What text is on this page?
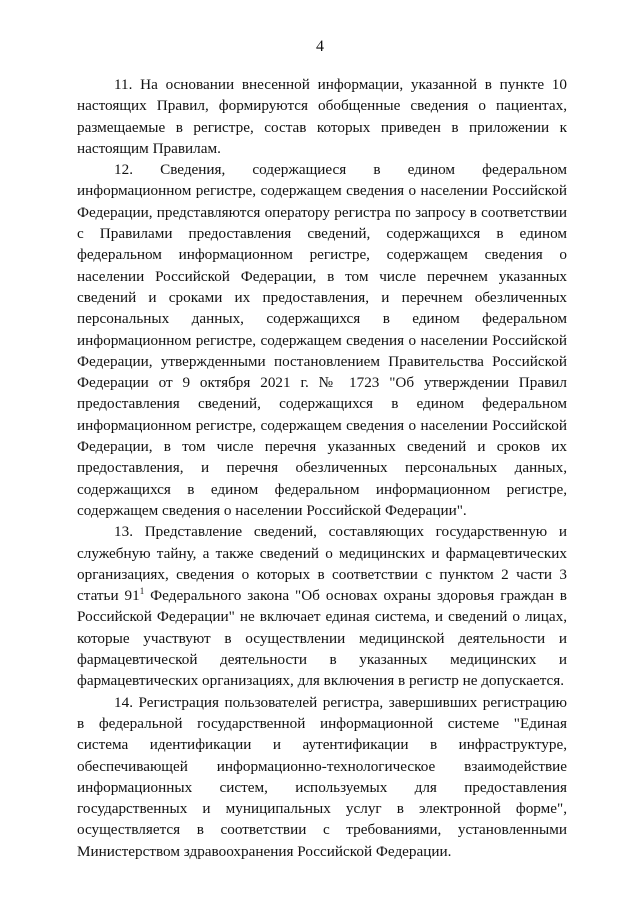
4

11. На основании внесенной информации, указанной в пункте 10 настоящих Правил, формируются обобщенные сведения о пациентах, размещаемые в регистре, состав которых приведен в приложении к настоящим Правилам.

12. Сведения, содержащиеся в едином федеральном информационном регистре, содержащем сведения о населении Российской Федерации, представляются оператору регистра по запросу в соответствии с Правилами предоставления сведений, содержащихся в едином федеральном информационном регистре, содержащем сведения о населении Российской Федерации, в том числе перечнем указанных сведений и сроками их предоставления, и перечнем обезличенных персональных данных, содержащихся в едином федеральном информационном регистре, содержащем сведения о населении Российской Федерации, утвержденными постановлением Правительства Российской Федерации от 9 октября 2021 г. № 1723 "Об утверждении Правил предоставления сведений, содержащихся в едином федеральном информационном регистре, содержащем сведения о населении Российской Федерации, в том числе перечня указанных сведений и сроков их предоставления, и перечня обезличенных персональных данных, содержащихся в едином федеральном информационном регистре, содержащем сведения о населении Российской Федерации".

13. Представление сведений, составляющих государственную и служебную тайну, а также сведений о медицинских и фармацевтических организациях, сведения о которых в соответствии с пунктом 2 части 3 статьи $91^1$ Федерального закона "Об основах охраны здоровья граждан в Российской Федерации" не включает единая система, и сведений о лицах, которые участвуют в осуществлении медицинской деятельности и фармацевтической деятельности в указанных медицинских и фармацевтических организациях, для включения в регистр не допускается.

14. Регистрация пользователей регистра, завершивших регистрацию в федеральной государственной информационной системе "Единая система идентификации и аутентификации в инфраструктуре, обеспечивающей информационно-технологическое взаимодействие информационных систем, используемых для предоставления государственных и муниципальных услуг в электронной форме", осуществляется в соответствии с требованиями, установленными Министерством здравоохранения Российской Федерации.
